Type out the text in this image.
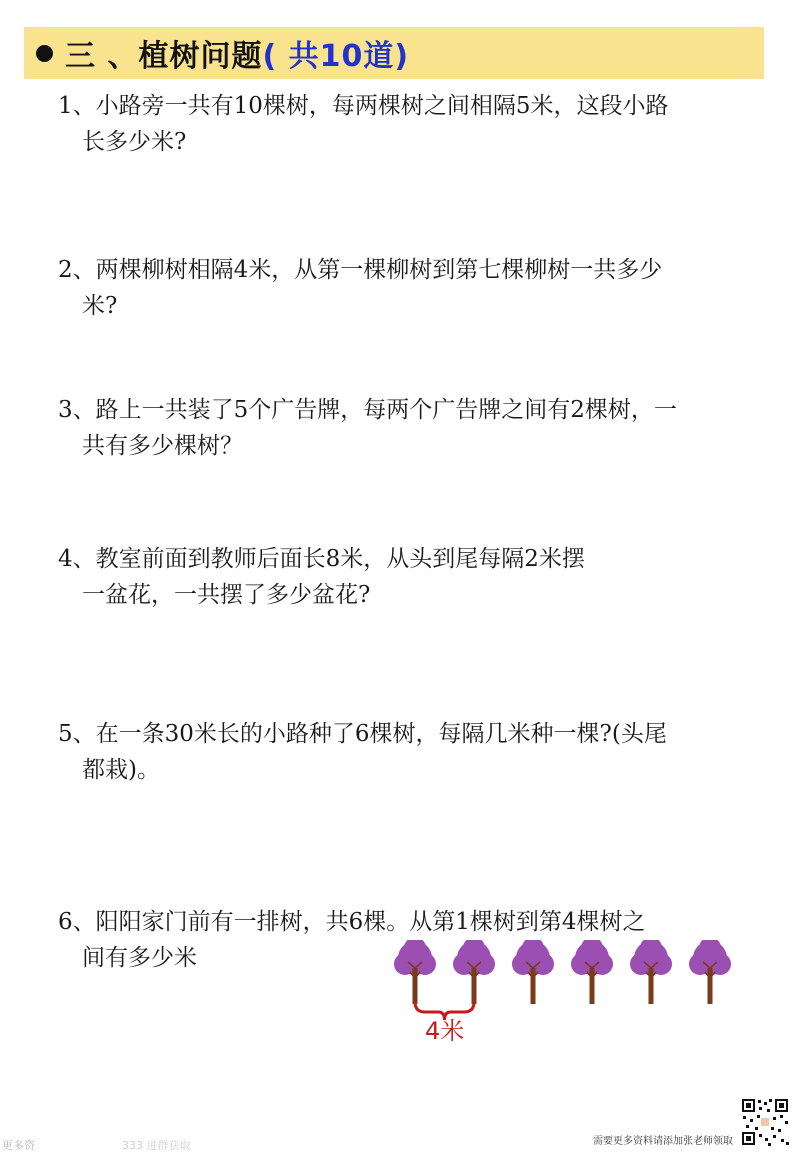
三 、植树问题 ( 共10道)
1、小路旁一共有10棵树，每两棵树之间相隔5米，这段小路
长多少米?
2、两棵柳树相隔4米，从第一棵柳树到第七棵柳树一共多少
米?
3、路上一共装了5个广告牌，每两个广告牌之间有2棵树，一
共有多少棵树？
4、教室前面到教师后面长8米，从头到尾每隔2米摆
一盆花，一共摆了多少盆花?
5、在一条30米长的小路种了6棵树，每隔几米种一棵?(头尾
都栽)。
6、阳阳家门前有一排树，共6棵。从第1棵树到第4棵树之
间有多少米
4米
更多资	333 进群获取	需要更多资料请添加张老师领取
